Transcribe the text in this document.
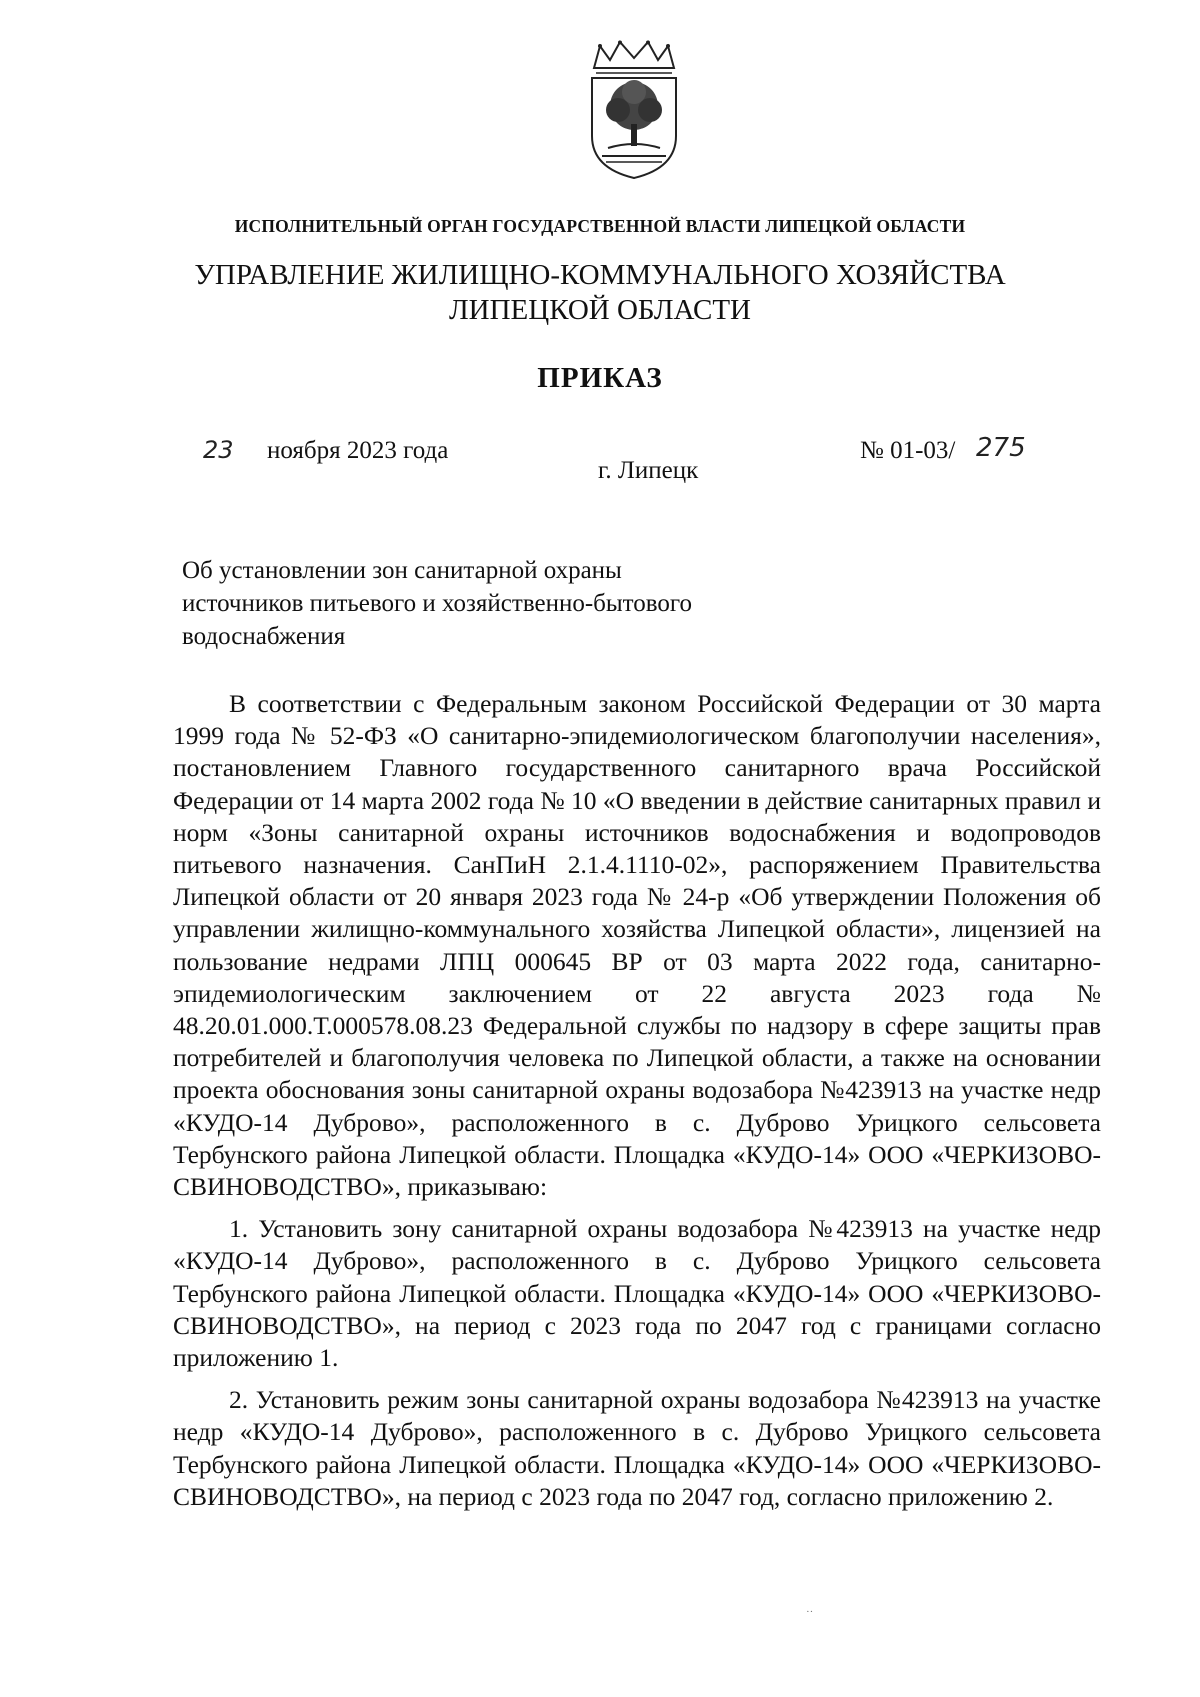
ИСПОЛНИТЕЛЬНЫЙ ОРГАН ГОСУДАРСТВЕННОЙ ВЛАСТИ ЛИПЕЦКОЙ ОБЛАСТИ
УПРАВЛЕНИЕ ЖИЛИЩНО-КОММУНАЛЬНОГО ХОЗЯЙСТВА
ЛИПЕЦКОЙ ОБЛАСТИ
ПРИКАЗ
23 ноября 2023 года
г. Липецк
№ 01-03/ 275
Об установлении зон санитарной охраны
источников питьевого и хозяйственно-бытового
водоснабжения

В соответствии с Федеральным законом Российской Федерации от 30 марта 1999 года № 52-ФЗ «О санитарно-эпидемиологическом благополучии населения», постановлением Главного государственного санитарного врача Российской Федерации от 14 марта 2002 года № 10 «О введении в действие санитарных правил и норм «Зоны санитарной охраны источников водоснабжения и водопроводов питьевого назначения. СанПиН 2.1.4.1110-02», распоряжением Правительства Липецкой области от 20 января 2023 года № 24-р «Об утверждении Положения об управлении жилищно-коммунального хозяйства Липецкой области», лицензией на пользование недрами ЛПЦ 000645 ВР от 03 марта 2022 года, санитарно-эпидемиологическим заключением от 22 августа 2023 года № 48.20.01.000.Т.000578.08.23 Федеральной службы по надзору в сфере защиты прав потребителей и благополучия человека по Липецкой области, а также на основании проекта обоснования зоны санитарной охраны водозабора №423913 на участке недр «КУДО-14 Дуброво», расположенного в с. Дуброво Урицкого сельсовета Тербунского района Липецкой области. Площадка «КУДО-14» ООО «ЧЕРКИЗОВО-СВИНОВОДСТВО», приказываю:

1. Установить зону санитарной охраны водозабора №423913 на участке недр «КУДО-14 Дуброво», расположенного в с. Дуброво Урицкого сельсовета Тербунского района Липецкой области. Площадка «КУДО-14» ООО «ЧЕРКИЗОВО-СВИНОВОДСТВО», на период с 2023 года по 2047 год с границами согласно приложению 1.

2. Установить режим зоны санитарной охраны водозабора №423913 на участке недр «КУДО-14 Дуброво», расположенного в с. Дуброво Урицкого сельсовета Тербунского района Липецкой области. Площадка «КУДО-14» ООО «ЧЕРКИЗОВО-СВИНОВОДСТВО», на период с 2023 года по 2047 год, согласно приложению 2.

··
